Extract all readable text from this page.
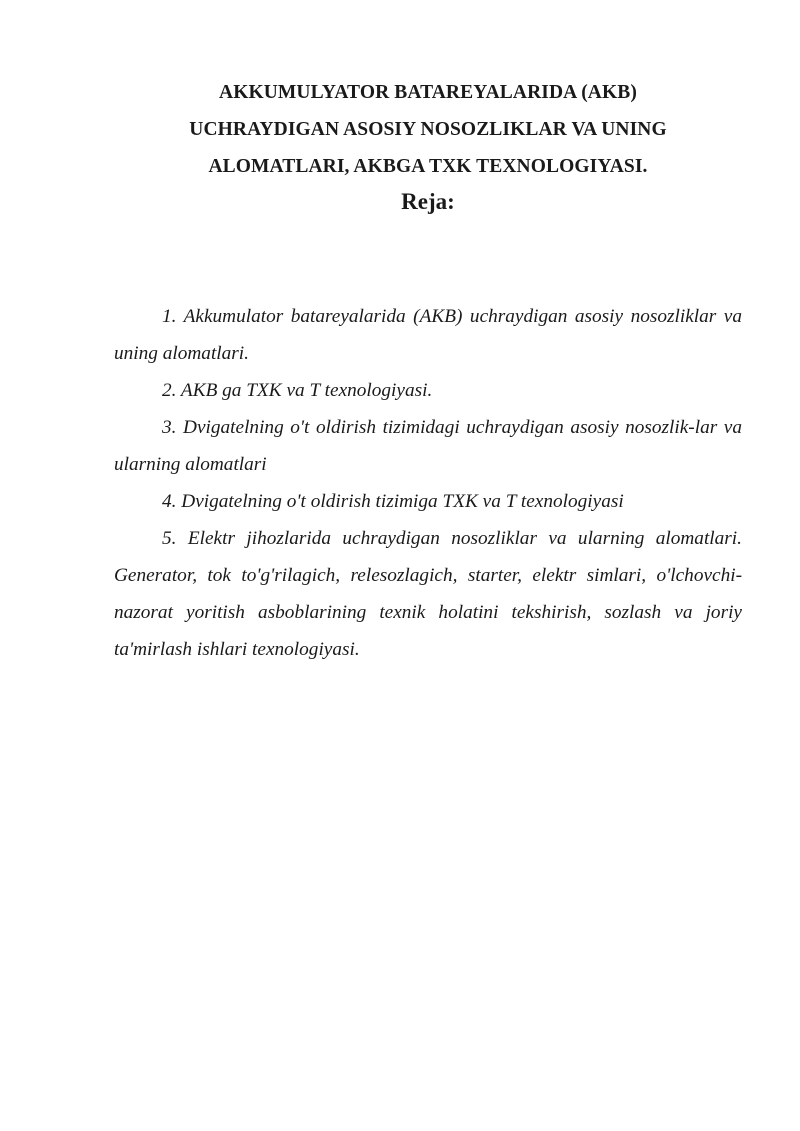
AKKUMULYATOR BATAREYALARIDA (AKB)
UCHRAYDIGAN ASOSIY NOSOZLIKLAR VA UNING
ALOMATLARI, AKBGA TXK TEXNOLOGIYASI.
Reja:

1. Akkumulator batareyalarida (AKB) uchraydigan asosiy nosozliklar va uning alomatlari.

2. AKB ga TXK va T texnologiyasi.

3. Dvigatelning o't oldirish tizimidagi uchraydigan asosiy nosozlik-lar va ularning alomatlari

4. Dvigatelning o't oldirish tizimiga TXK va T texnologiyasi

5. Elektr jihozlarida uchraydigan nosozliklar va ularning alomatlari. Generator, tok to'g'rilagich, relesozlagich, starter, elektr simlari, o'lchovchi-nazorat yoritish asboblarining texnik holatini tekshirish, sozlash va joriy ta'mirlash ishlari texnologiyasi.
